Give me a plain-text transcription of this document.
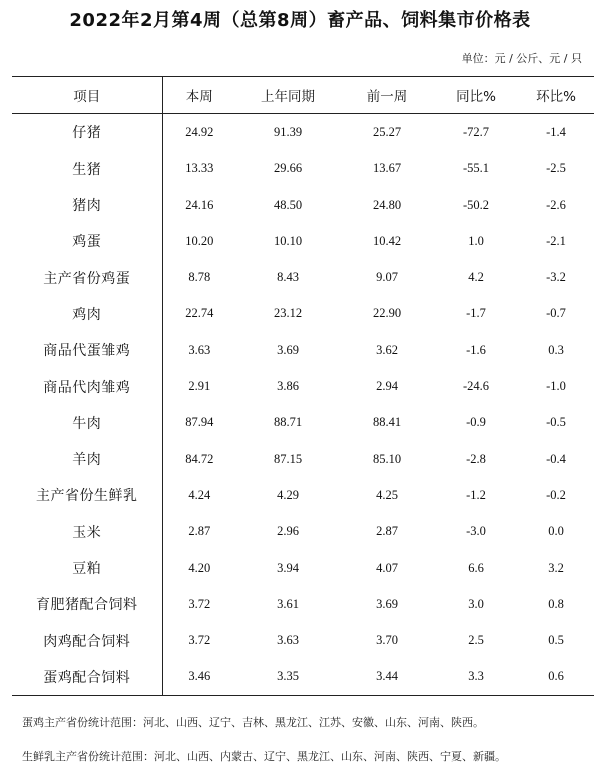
2022年2月第4周（总第8周）畜产品、饲料集市价格表
单位：元 / 公斤、元 / 只
项目	本周	上年同期	前一周	同比%	环比%
仔猪	24.92	91.39	25.27	-72.7	-1.4
生猪	13.33	29.66	13.67	-55.1	-2.5
猪肉	24.16	48.50	24.80	-50.2	-2.6
鸡蛋	10.20	10.10	10.42	1.0	-2.1
主产省份鸡蛋	8.78	8.43	9.07	4.2	-3.2
鸡肉	22.74	23.12	22.90	-1.7	-0.7
商品代蛋雏鸡	3.63	3.69	3.62	-1.6	0.3
商品代肉雏鸡	2.91	3.86	2.94	-24.6	-1.0
牛肉	87.94	88.71	88.41	-0.9	-0.5
羊肉	84.72	87.15	85.10	-2.8	-0.4
主产省份生鲜乳	4.24	4.29	4.25	-1.2	-0.2
玉米	2.87	2.96	2.87	-3.0	0.0
豆粕	4.20	3.94	4.07	6.6	3.2
育肥猪配合饲料	3.72	3.61	3.69	3.0	0.8
肉鸡配合饲料	3.72	3.63	3.70	2.5	0.5
蛋鸡配合饲料	3.46	3.35	3.44	3.3	0.6
蛋鸡主产省份统计范围：河北、山西、辽宁、吉林、黑龙江、江苏、安徽、山东、河南、陕西。
生鲜乳主产省份统计范围：河北、山西、内蒙古、辽宁、黑龙江、山东、河南、陕西、宁夏、新疆。
